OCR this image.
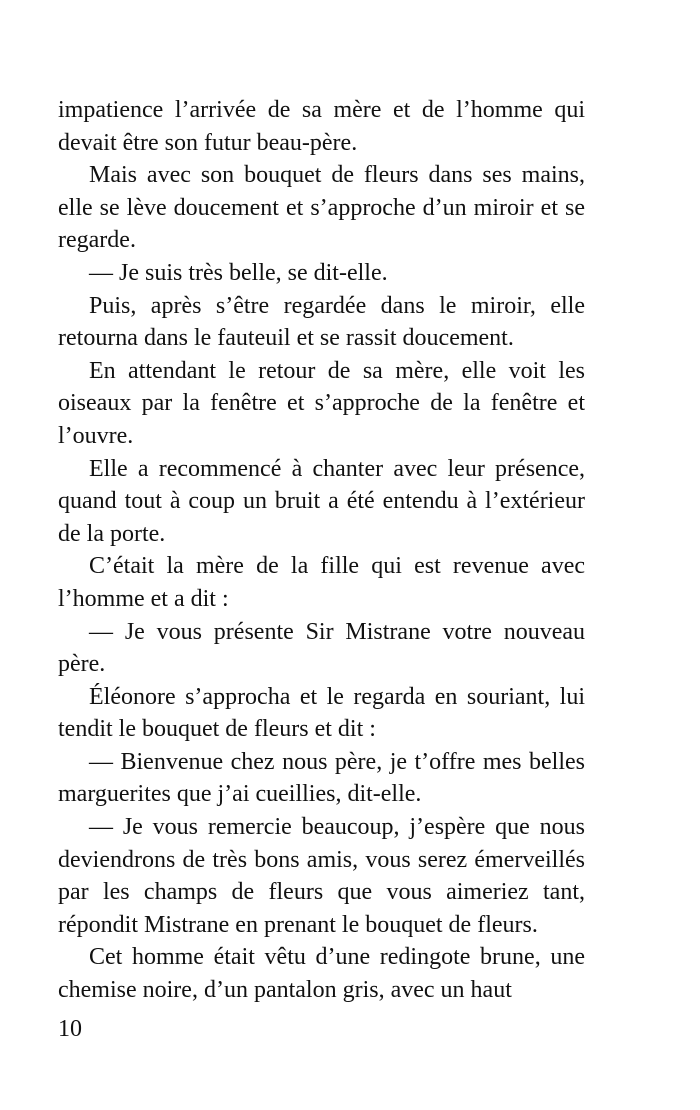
impatience l’arrivée de sa mère et de l’homme qui devait être son futur beau-père.

Mais avec son bouquet de fleurs dans ses mains, elle se lève doucement et s’approche d’un miroir et se regarde.

— Je suis très belle, se dit-elle.

Puis, après s’être regardée dans le miroir, elle retourna dans le fauteuil et se rassit doucement.

En attendant le retour de sa mère, elle voit les oiseaux par la fenêtre et s’approche de la fenêtre et l’ouvre.

Elle a recommencé à chanter avec leur présence, quand tout à coup un bruit a été entendu à l’extérieur de la porte.

C’était la mère de la fille qui est revenue avec l’homme et a dit :

— Je vous présente Sir Mistrane votre nouveau père.

Éléonore s’approcha et le regarda en souriant, lui tendit le bouquet de fleurs et dit :

— Bienvenue chez nous père, je t’offre mes belles marguerites que j’ai cueillies, dit-elle.

— Je vous remercie beaucoup, j’espère que nous deviendrons de très bons amis, vous serez émerveillés par les champs de fleurs que vous aimeriez tant, répondit Mistrane en prenant le bouquet de fleurs.

Cet homme était vêtu d’une redingote brune, une chemise noire, d’un pantalon gris, avec un haut

10
